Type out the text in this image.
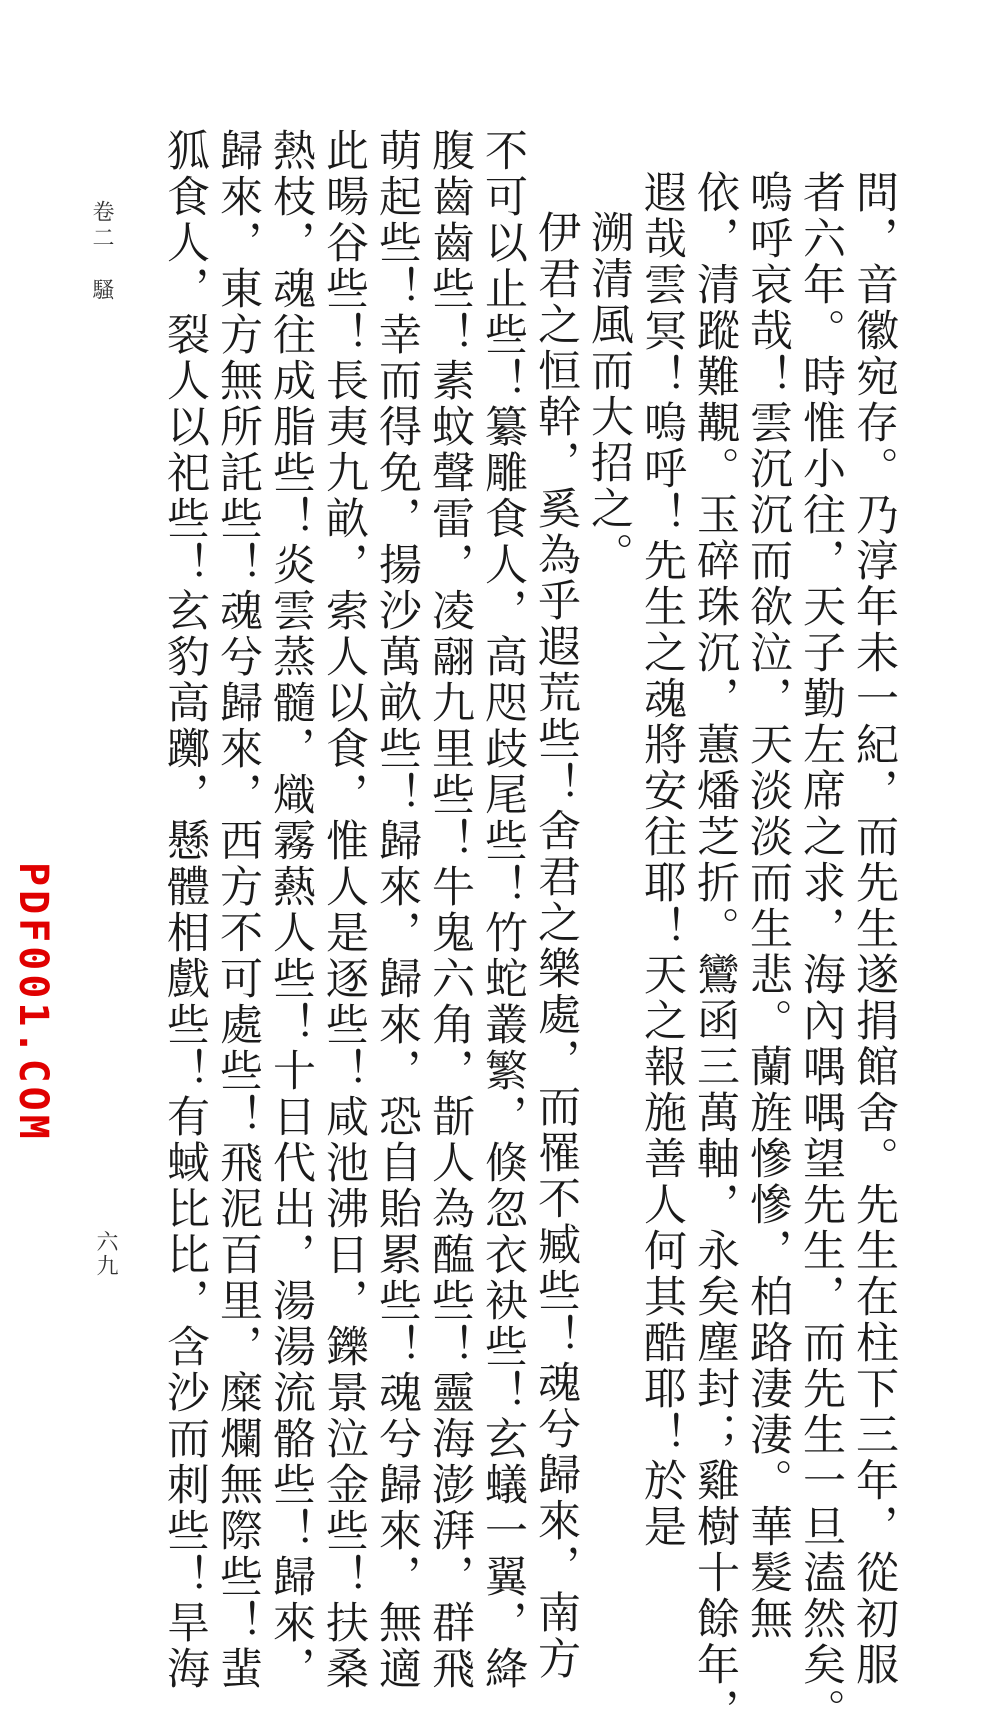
問，音徽宛存。乃淳年未一紀，而先生遂捐館舍。先生在柱下三年，從初服
者六年。時惟小往，天子勤左席之求，海內喁喁望先生，而先生一旦溘然矣。
嗚呼哀哉！雲沉沉而欲泣，天淡淡而生悲。蘭旌慘慘，柏路淒淒。華髮無
依，清蹤難覯。玉碎珠沉，蕙燔芝折。鸞函三萬軸，永矣塵封；雞樹十餘年，
遐哉雲冥！嗚呼！先生之魂將安往耶！天之報施善人何其酷耶！於是
溯清風而大招之。
伊君之恒幹，奚為乎遐荒些！舍君之樂處，而罹不臧些！魂兮歸來，南方
不可以止些！纂雕食人，高咫歧尾些！竹蛇叢繁，倏忽衣袂些！玄蟻一翼，絳
腹齒齒些！素蚊聲雷，凌翮九里些！牛鬼六角，斮人為醢些！靈海澎湃，群飛
萌起些！幸而得免，揚沙萬畝些！歸來，歸來，恐自貽累些！魂兮歸來，無適
此暘谷些！長夷九畝，索人以食，惟人是逐些！咸池沸日，鑠景泣金些！扶桑
熱枝，魂往成脂些！炎雲蒸髓，熾霧爇人些！十日代出，湯湯流骼些！歸來，
歸來，東方無所託些！魂兮歸來，西方不可處些！飛泥百里，糜爛無際些！蜚
狐食人，裂人以祀些！玄豹高躑，懸體相戲些！有蜮比比，含沙而刺些！旱海
卷二　騷
六九
PDF001.COM
